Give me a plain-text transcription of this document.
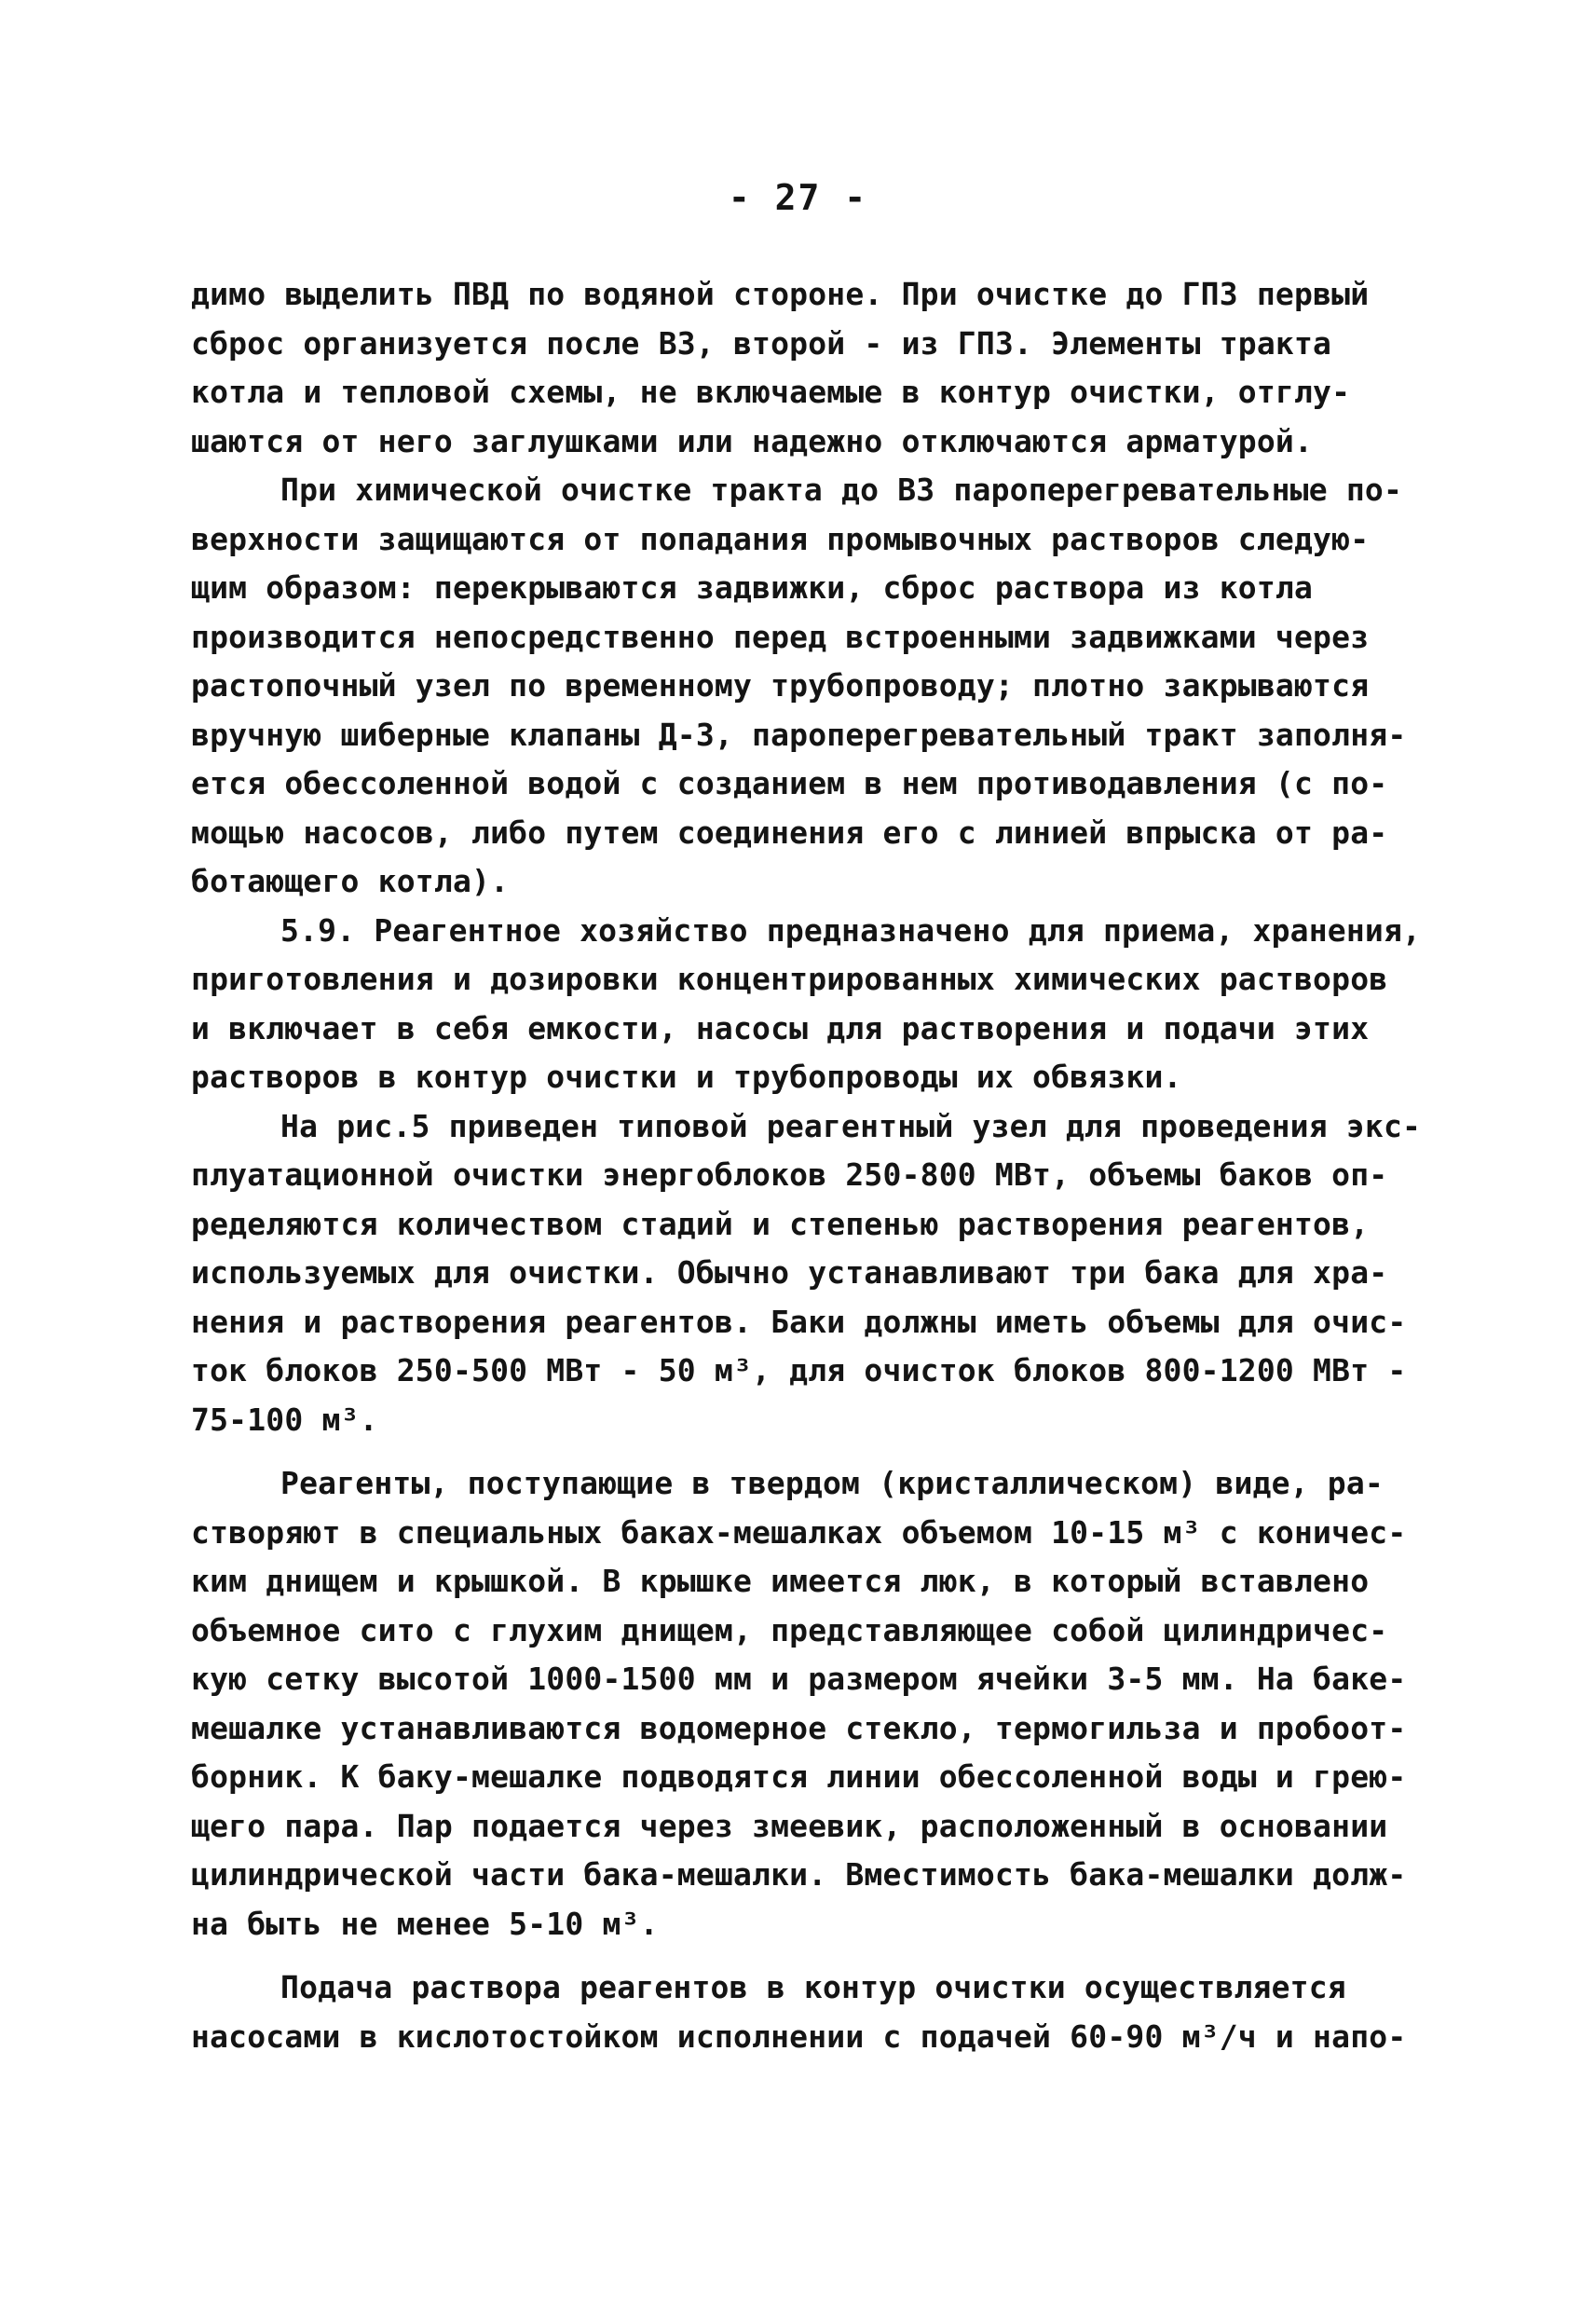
- 27 -
димо выделить ПВД по водяной стороне. При очистке до ГПЗ первый
сброс организуется после ВЗ, второй - из ГПЗ. Элементы тракта
котла и тепловой схемы, не включаемые в контур очистки, отглу-
шаются от него заглушками или надежно отключаются арматурой.
При химической очистке тракта до ВЗ пароперегревательные по-
верхности защищаются от попадания промывочных растворов следую-
щим образом: перекрываются задвижки, сброс раствора из котла
производится непосредственно перед встроенными задвижками через
растопочный узел по временному трубопроводу; плотно закрываются
вручную шиберные клапаны Д-3, пароперегревательный тракт заполня-
ется обессоленной водой с созданием в нем противодавления (с по-
мощью насосов, либо путем соединения его с линией впрыска от ра-
ботающего котла).
5.9. Реагентное хозяйство предназначено для приема, хранения,
приготовления и дозировки концентрированных химических растворов
и включает в себя емкости, насосы для растворения и подачи этих
растворов в контур очистки и трубопроводы их обвязки.
На рис.5 приведен типовой реагентный узел для проведения экс-
плуатационной очистки энергоблоков 250-800 МВт, объемы баков оп-
ределяются количеством стадий и степенью растворения реагентов,
используемых для очистки. Обычно устанавливают три бака для хра-
нения и растворения реагентов. Баки должны иметь объемы для очис-
ток блоков 250-500 МВт - 50 м³, для очисток блоков 800-1200 МВт -
75-100 м³.
Реагенты, поступающие в твердом (кристаллическом) виде, ра-
створяют в специальных баках-мешалках объемом 10-15 м³ с коничес-
ким днищем и крышкой. В крышке имеется люк, в который вставлено
объемное сито с глухим днищем, представляющее собой цилиндричес-
кую сетку высотой 1000-1500 мм и размером ячейки 3-5 мм. На баке-
мешалке устанавливаются водомерное стекло, термогильза и пробоот-
борник. К баку-мешалке подводятся линии обессоленной воды и грею-
щего пара. Пар подается через змеевик, расположенный в основании
цилиндрической части бака-мешалки. Вместимость бака-мешалки долж-
на быть не менее 5-10 м³.
Подача раствора реагентов в контур очистки осуществляется
насосами в кислотостойком исполнении с подачей 60-90 м³/ч и напо-
